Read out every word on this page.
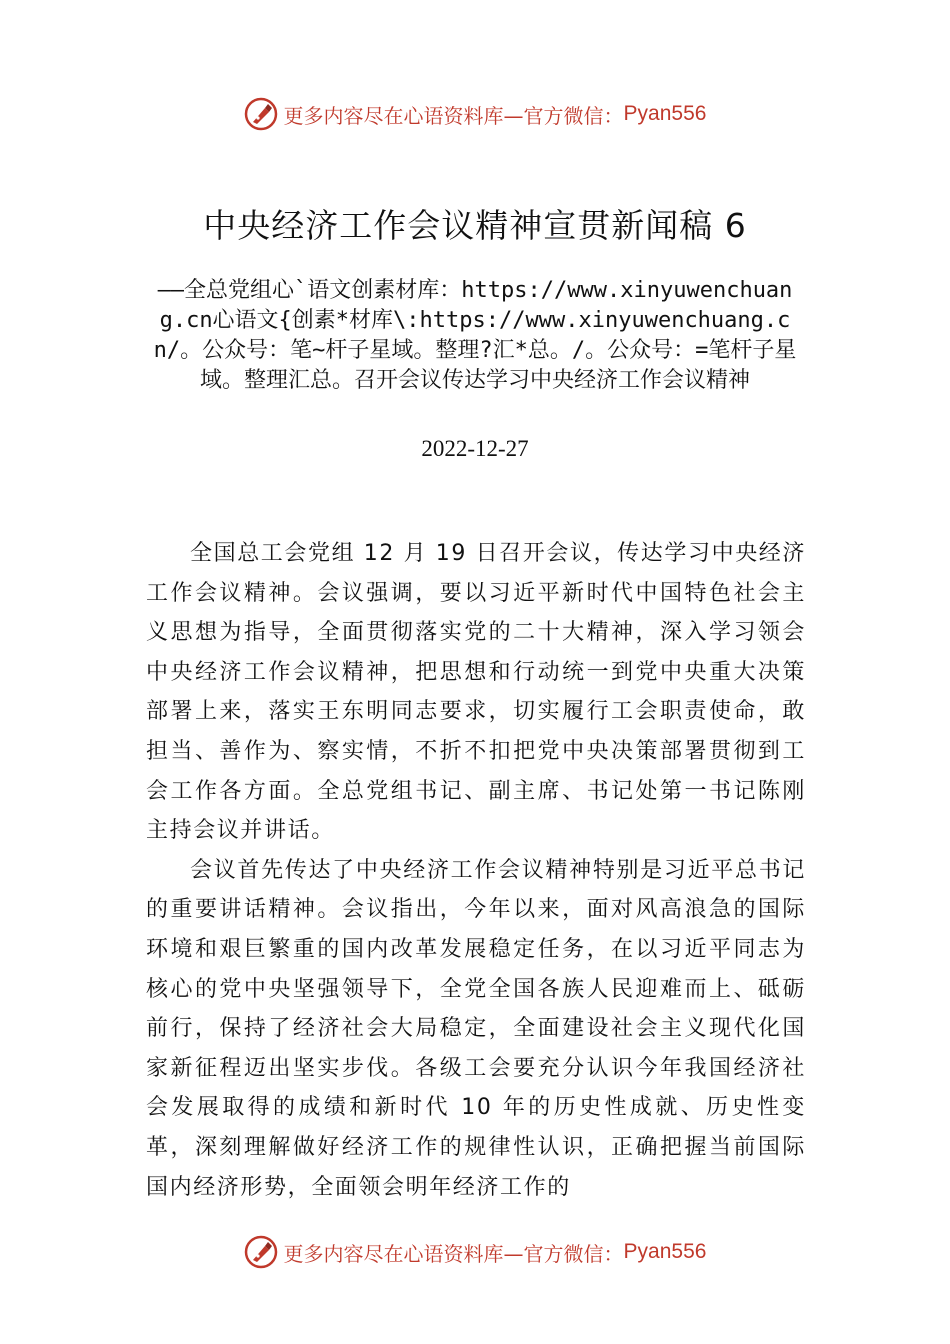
更多内容尽在心语资料库—官方微信： Pyan556
中央经济工作会议精神宣贯新闻稿 6
——全总党组心`语文创素材库：https://www.xinyuwenchuang.cn心语文{创素*材库\:https://www.xinyuwenchuang.cn/。公众号：笔~杆子星域。整理?汇*总。/。公众号：=笔杆子星域。整理汇总。召开会议传达学习中央经济工作会议精神
2022-12-27

全国总工会党组 12 月 19 日召开会议，传达学习中央经济工作会议精神。会议强调，要以习近平新时代中国特色社会主义思想为指导，全面贯彻落实党的二十大精神，深入学习领会中央经济工作会议精神，把思想和行动统一到党中央重大决策部署上来，落实王东明同志要求，切实履行工会职责使命，敢担当、善作为、察实情，不折不扣把党中央决策部署贯彻到工会工作各方面。全总党组书记、副主席、书记处第一书记陈刚主持会议并讲话。

会议首先传达了中央经济工作会议精神特别是习近平总书记的重要讲话精神。会议指出，今年以来，面对风高浪急的国际环境和艰巨繁重的国内改革发展稳定任务，在以习近平同志为核心的党中央坚强领导下，全党全国各族人民迎难而上、砥砺前行，保持了经济社会大局稳定，全面建设社会主义现代化国家新征程迈出坚实步伐。各级工会要充分认识今年我国经济社会发展取得的成绩和新时代 10 年的历史性成就、历史性变革，深刻理解做好经济工作的规律性认识，正确把握当前国际国内经济形势，全面领会明年经济工作的

更多内容尽在心语资料库—官方微信： Pyan556
